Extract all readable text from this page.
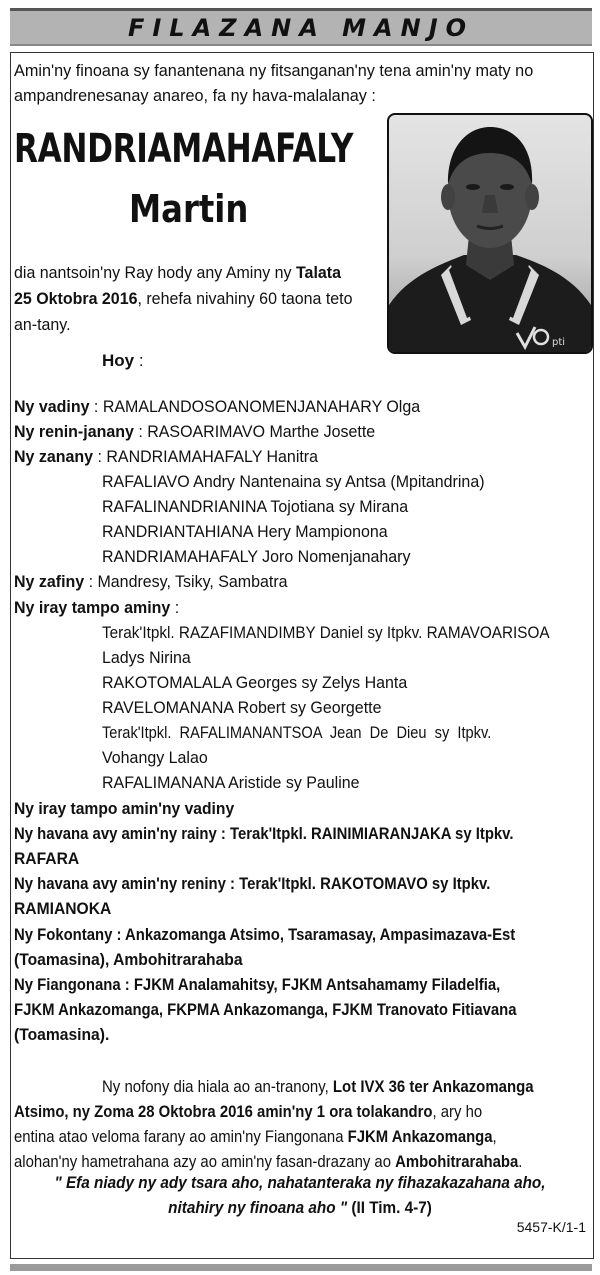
FILAZANA MANJO
Amin'ny finoana sy fanantenana ny fitsanganan'ny tena amin'ny maty no
ampandrenesanay anareo, fa ny hava-malalanay :
RANDRIAMAHAFALY
Martin
pti
dia nantsoin'ny Ray hody any Aminy ny Talata
25 Oktobra 2016, rehefa nivahiny 60 taona teto
an-tany.
Hoy :
Ny vadiny : RAMALANDOSOANOMENJANAHARY Olga
Ny renin-janany : RASOARIMAVO Marthe Josette
Ny zanany : RANDRIAMAHAFALY Hanitra
RAFALIAVO Andry Nantenaina sy Antsa (Mpitandrina)
RAFALINANDRIANINA Tojotiana sy Mirana
RANDRIANTAHIANA Hery Mampionona
RANDRIAMAHAFALY Joro Nomenjanahary
Ny zafiny : Mandresy, Tsiky, Sambatra
Ny iray tampo aminy :
Terak'Itpkl. RAZAFIMANDIMBY Daniel sy Itpkv. RAMAVOARISOA
Ladys Nirina
RAKOTOMALALA Georges sy Zelys Hanta
RAVELOMANANA Robert sy Georgette
Terak'Itpkl.  RAFALIMANANTSOA  Jean  De  Dieu  sy  Itpkv.
Vohangy Lalao
RAFALIMANANA Aristide sy Pauline
Ny iray tampo amin'ny vadiny
Ny havana avy amin'ny rainy : Terak'Itpkl. RAINIMIARANJAKA sy Itpkv.
RAFARA
Ny havana avy amin'ny reniny : Terak'Itpkl. RAKOTOMAVO sy Itpkv.
RAMIANOKA
Ny Fokontany : Ankazomanga Atsimo, Tsaramasay, Ampasimazava-Est
(Toamasina), Ambohitrarahaba
Ny Fiangonana : FJKM Analamahitsy, FJKM Antsahamamy Filadelfia,
FJKM Ankazomanga, FKPMA Ankazomanga, FJKM Tranovato Fitiavana
(Toamasina).
Ny nofony dia hiala ao an-tranony, Lot IVX 36 ter Ankazomanga
Atsimo, ny Zoma 28 Oktobra 2016 amin'ny 1 ora tolakandro, ary ho
entina atao veloma farany ao amin'ny Fiangonana FJKM Ankazomanga,
alohan'ny hametrahana azy ao amin'ny fasan-drazany ao Ambohitrarahaba.
" Efa niady ny ady tsara aho, nahatanteraka ny fihazakazahana aho,
nitahiry ny finoana aho " (II Tim. 4-7)
5457-K/1-1
